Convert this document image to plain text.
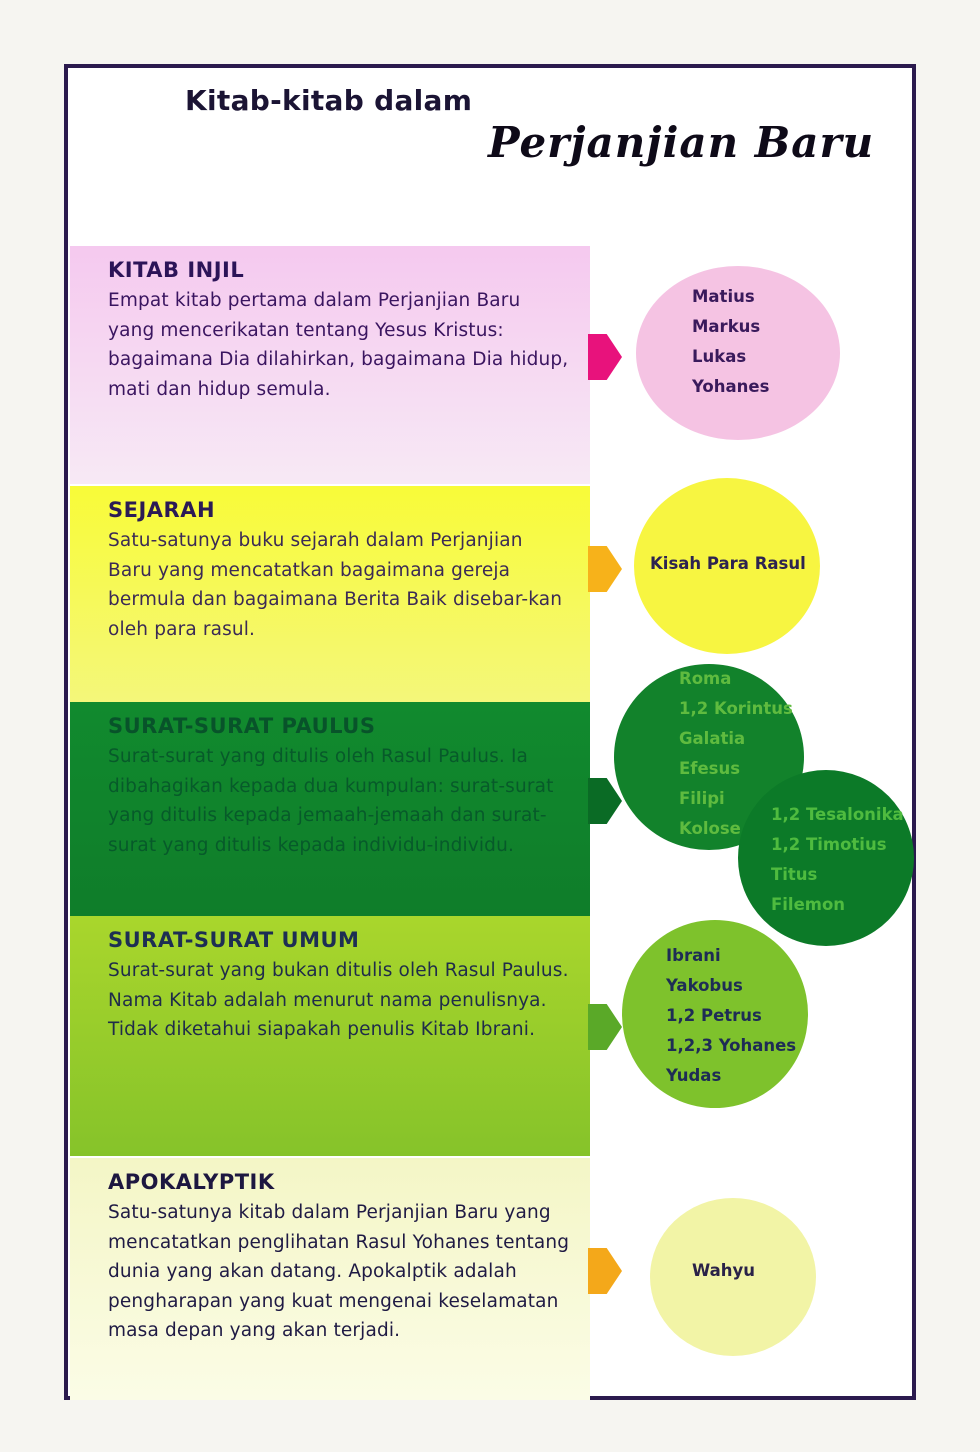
Kitab-kitab dalam
Perjanjian Baru
KITAB INJIL

Empat kitab pertama dalam Perjanjian Baru yang mencerikatan tentang Yesus Kristus: bagaimana Dia dilahirkan, bagaimana Dia hidup, mati dan hidup semula.

Matius
Markus
Lukas
Yohanes
SEJARAH

Satu-satunya buku sejarah dalam Perjanjian Baru yang mencatatkan bagaimana gereja bermula dan bagaimana Berita Baik disebar-kan oleh para rasul.

Kisah Para Rasul
SURAT-SURAT PAULUS

Surat-surat yang ditulis oleh Rasul Paulus. Ia dibahagikan kepada dua kumpulan: surat-surat yang ditulis kepada jemaah-jemaah dan surat-surat yang ditulis kepada individu-individu.

Roma
1,2 Korintus
Galatia
Efesus
Filipi
Kolose
1,2 Tesalonika
1,2 Timotius
Titus
Filemon
SURAT-SURAT UMUM

Surat-surat yang bukan ditulis oleh Rasul Paulus. Nama Kitab adalah menurut nama penulisnya. Tidak diketahui siapakah penulis Kitab Ibrani.

Ibrani
Yakobus
1,2 Petrus
1,2,3 Yohanes
Yudas
APOKALYPTIK

Satu-satunya kitab dalam Perjanjian Baru yang mencatatkan penglihatan Rasul Yohanes tentang dunia yang akan datang. Apokalptik adalah pengharapan yang kuat mengenai keselamatan masa depan yang akan terjadi.

Wahyu
